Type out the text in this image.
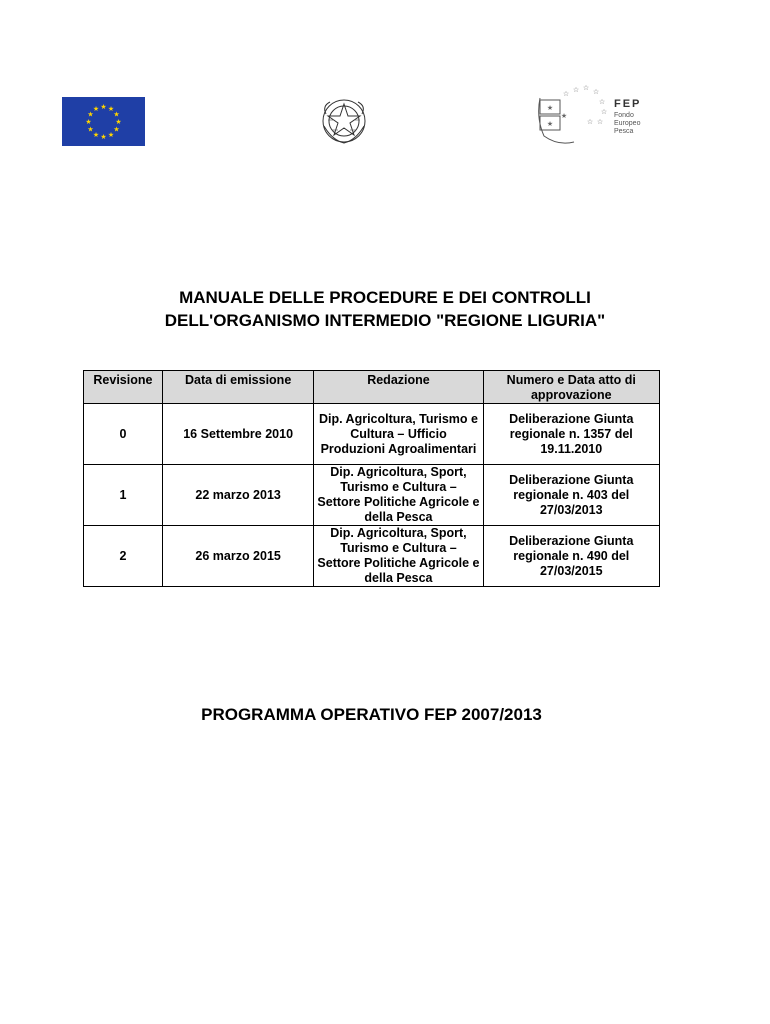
★ ★
★
★
★
★
★
★
★
★
★
★
☆ ☆ ☆ ☆
☆
☆
☆
☆
★
★
★
FEP
Fondo
Europeo
Pesca
MANUALE DELLE PROCEDURE E DEI CONTROLLI
DELL'ORGANISMO INTERMEDIO "REGIONE LIGURIA"
Revisione	Data di emissione	Redazione	Numero e Data atto di approvazione
0	16 Settembre 2010	Dip. Agricoltura, Turismo e Cultura – Ufficio Produzioni Agroalimentari	Deliberazione Giunta regionale n. 1357 del 19.11.2010
1	22 marzo 2013	Dip. Agricoltura, Sport, Turismo e Cultura – Settore Politiche Agricole e della Pesca	Deliberazione Giunta regionale n. 403 del 27/03/2013
2	26 marzo 2015	Dip. Agricoltura, Sport, Turismo e Cultura – Settore Politiche Agricole e della Pesca	Deliberazione Giunta regionale n. 490 del 27/03/2015
PROGRAMMA OPERATIVO FEP 2007/2013
